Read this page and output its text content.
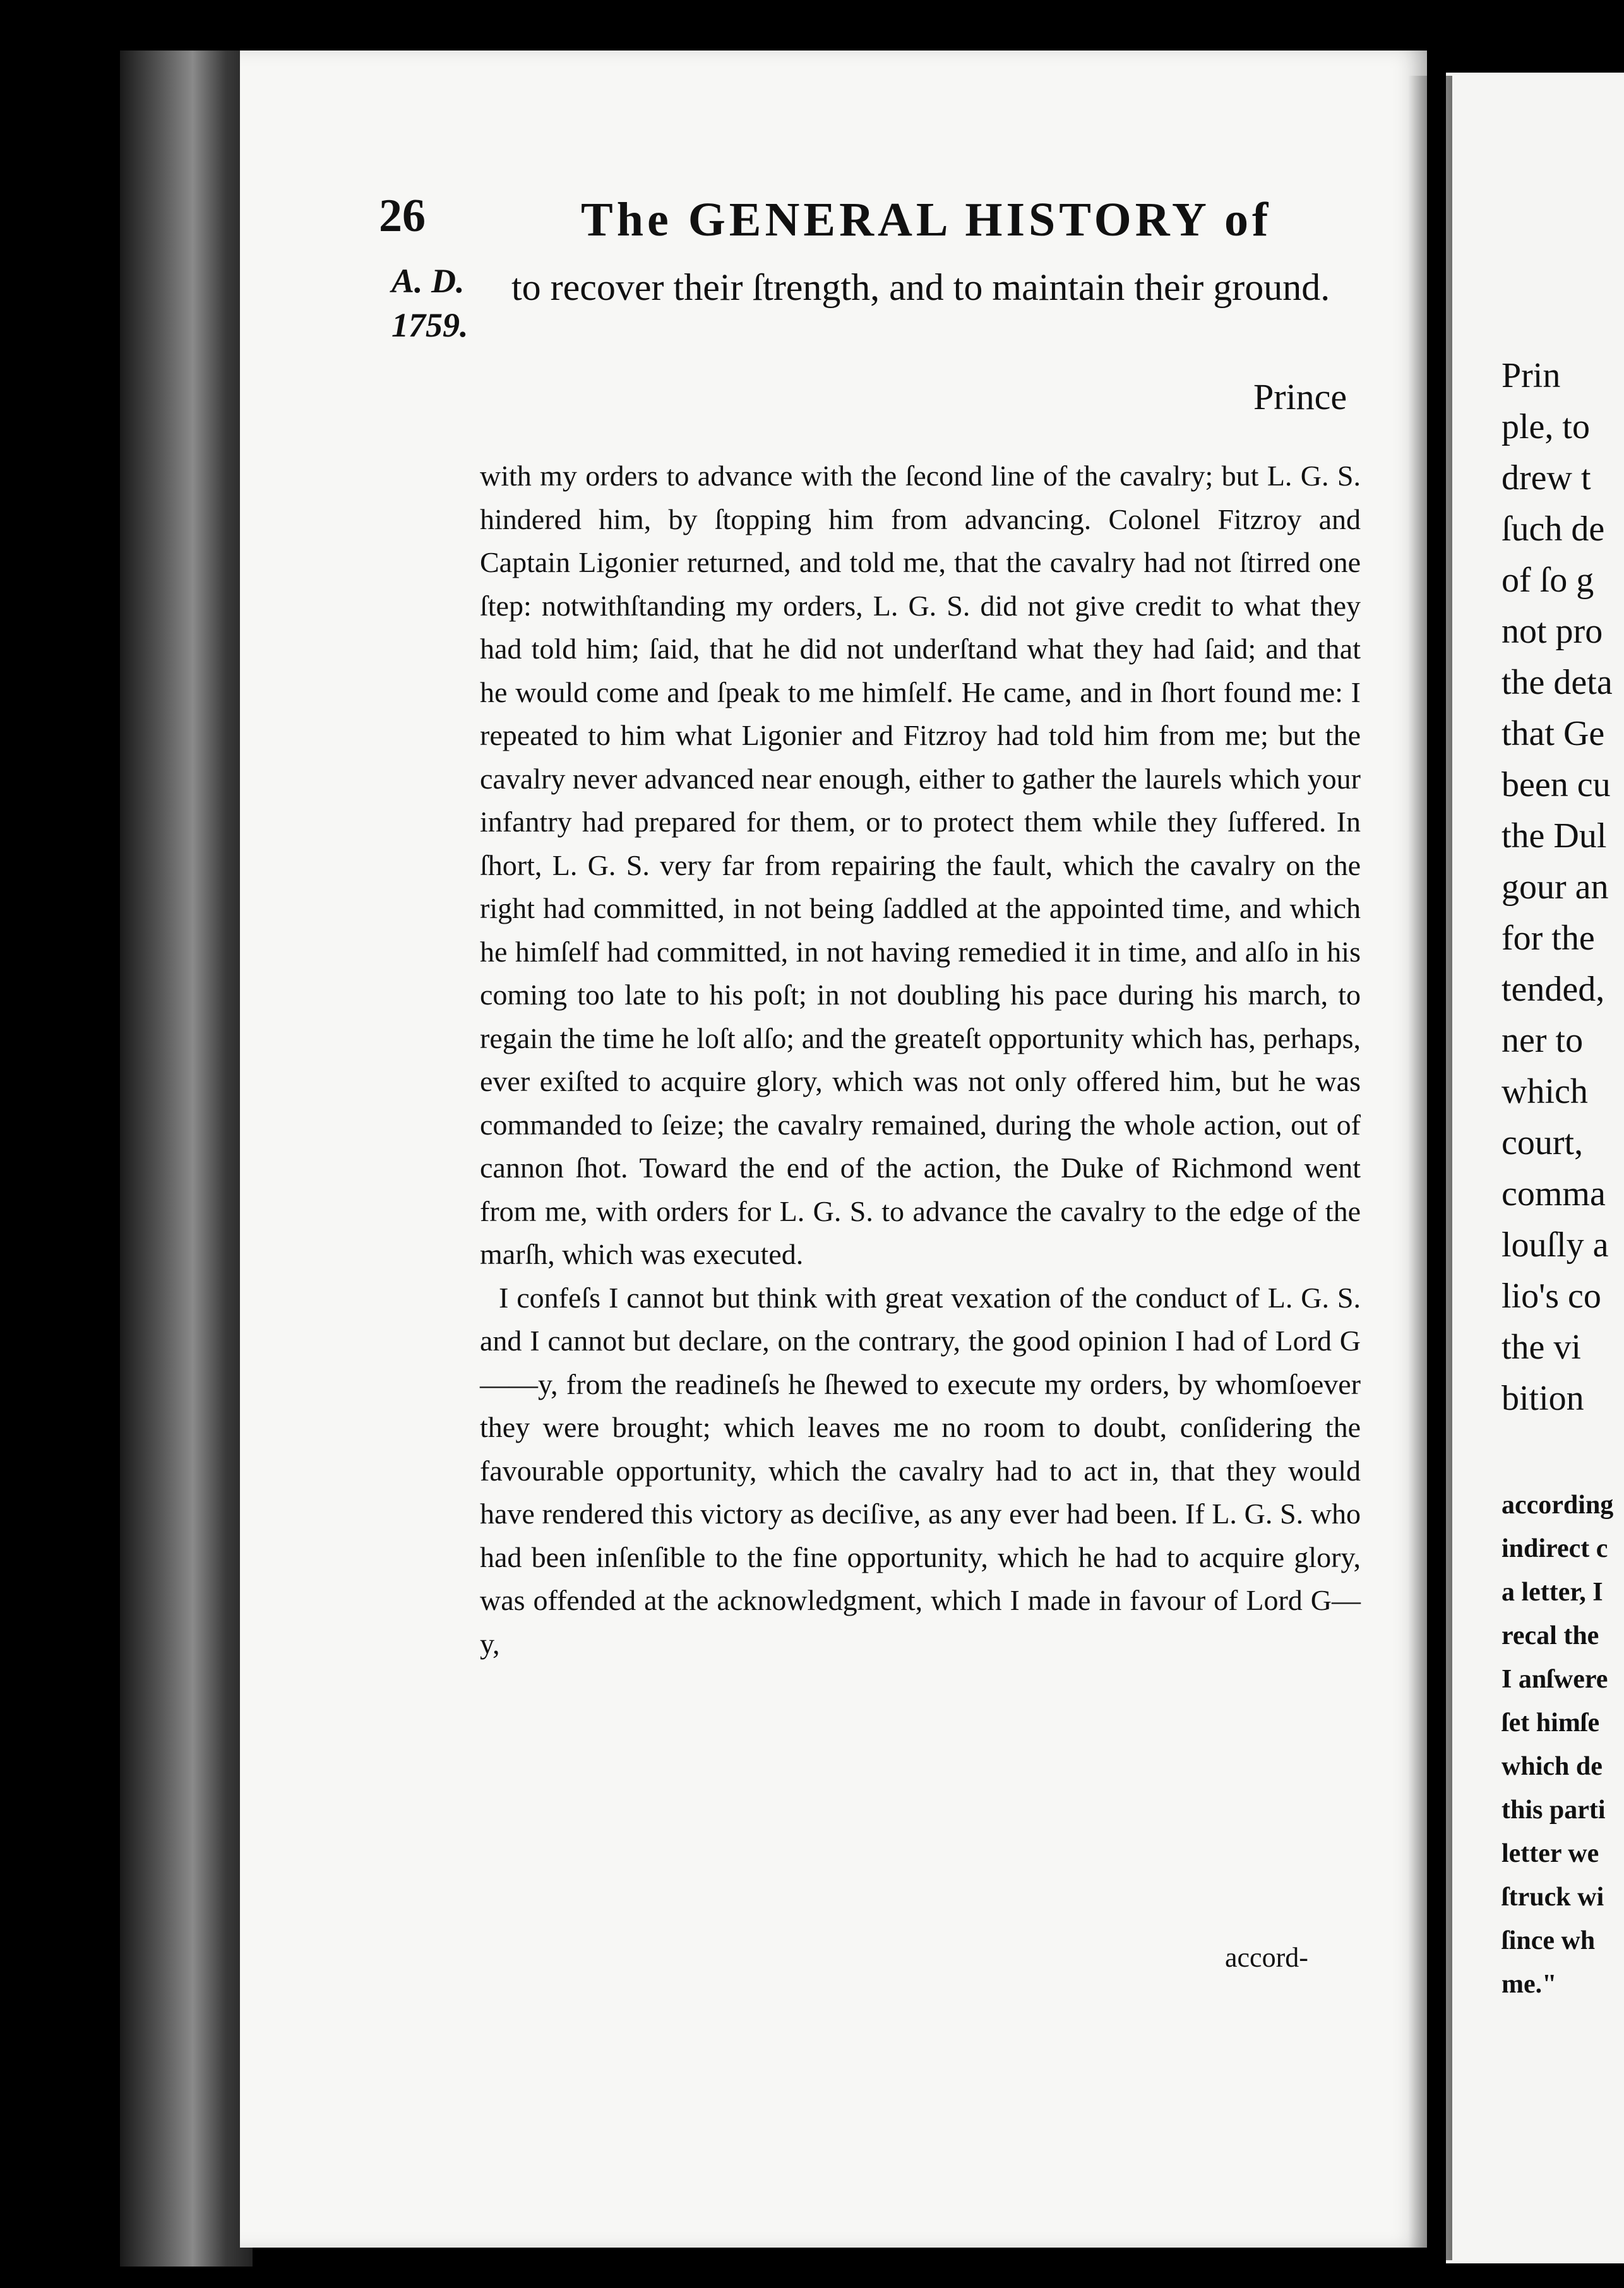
Prin
ple, to
drew t
ſuch de
of ſo g
not pro
the deta
that Ge
been cu
the Dul
gour an
for the
tended,
ner to
which
court,
comma
louſly a
lio's co
the vi
bition
according
indirect c
a letter, I
recal the
I anſwere
ſet himſe
which de
this parti
letter we
ſtruck wi
ſince wh
me."
26	The GENERAL HISTORY of
A. D.
1759.
to recover their ſtrength, and to maintain their ground.
Prince

with my orders to advance with the ſecond line of the cavalry; but L. G. S. hindered him, by ſtopping him from advancing. Colonel Fitzroy and Captain Ligonier returned, and told me, that the cavalry had not ſtirred one ſtep: notwithſtanding my orders, L. G. S. did not give credit to what they had told him; ſaid, that he did not underſtand what they had ſaid; and that he would come and ſpeak to me himſelf. He came, and in ſhort found me: I repeated to him what Ligonier and Fitzroy had told him from me; but the cavalry never advanced near enough, either to gather the laurels which your infantry had prepared for them, or to protect them while they ſuffered. In ſhort, L. G. S. very far from repairing the fault, which the cavalry on the right had committed, in not being ſaddled at the appointed time, and which he himſelf had committed, in not having remedied it in time, and alſo in his coming too late to his poſt; in not doubling his pace during his march, to regain the time he loſt alſo; and the greateſt opportunity which has, perhaps, ever exiſted to acquire glory, which was not only offered him, but he was commanded to ſeize; the cavalry remained, during the whole action, out of cannon ſhot. Toward the end of the action, the Duke of Richmond went from me, with orders for L. G. S. to advance the cavalry to the edge of the marſh, which was executed.

I confeſs I cannot but think with great vexation of the conduct of L. G. S. and I cannot but declare, on the contrary, the good opinion I had of Lord G——y, from the readineſs he ſhewed to execute my orders, by whomſoever they were brought; which leaves me no room to doubt, conſidering the favourable opportunity, which the cavalry had to act in, that they would have rendered this victory as deciſive, as any ever had been. If L. G. S. who had been inſenſible to the fine opportunity, which he had to acquire glory, was offended at the acknowledgment, which I made in favour of Lord G— y,

accord-
